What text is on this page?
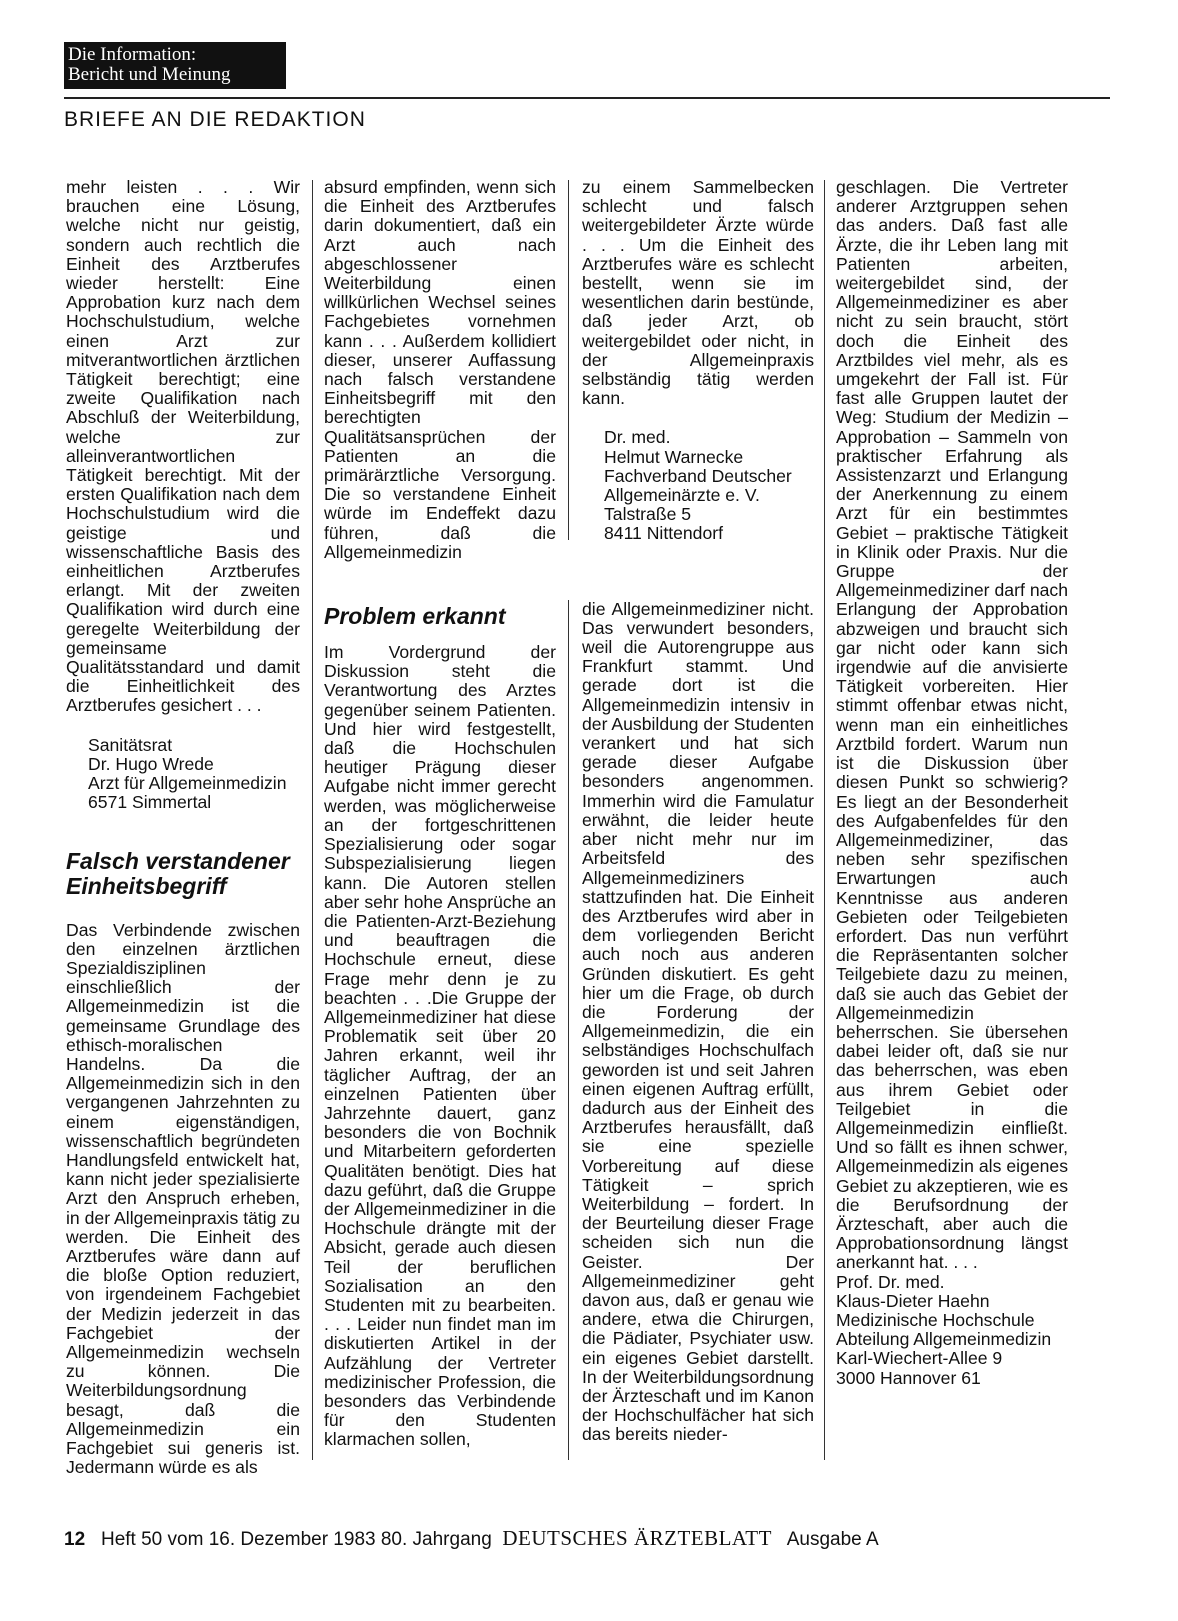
Die Information:
Bericht und Meinung
BRIEFE AN DIE REDAKTION

mehr leisten . . . Wir brauchen eine Lösung, welche nicht nur geistig, sondern auch rechtlich die Einheit des Arztberufes wieder herstellt: Eine Approbation kurz nach dem Hochschulstudium, welche einen Arzt zur mitverantwortlichen ärztlichen Tätigkeit berechtigt; eine zweite Qualifikation nach Abschluß der Weiterbildung, welche zur alleinverantwortlichen Tätigkeit berechtigt. Mit der ersten Qualifikation nach dem Hochschulstudium wird die geistige und wissenschaftliche Basis des einheitlichen Arztberufes erlangt. Mit der zweiten Qualifikation wird durch eine geregelte Weiterbildung der gemeinsame Qualitätsstandard und damit die Einheitlichkeit des Arztberufes gesichert . . .

Sanitätsrat

Dr. Hugo Wrede

Arzt für Allgemeinmedizin

6571 Simmertal

Falsch verstandener Einheitsbegriff

Das Verbindende zwischen den einzelnen ärztlichen Spezialdisziplinen einschließlich der Allgemeinmedizin ist die gemeinsame Grundlage des ethisch-moralischen Handelns. Da die Allgemeinmedizin sich in den vergangenen Jahrzehnten zu einem eigenständigen, wissenschaftlich begründeten Handlungsfeld entwickelt hat, kann nicht jeder spezialisierte Arzt den Anspruch erheben, in der Allgemeinpraxis tätig zu werden. Die Einheit des Arztberufes wäre dann auf die bloße Option reduziert, von irgendeinem Fachgebiet der Medizin jederzeit in das Fachgebiet der Allgemeinmedizin wechseln zu können. Die Weiterbildungsordnung besagt, daß die Allgemeinmedizin ein Fachgebiet sui generis ist. Jedermann würde es als

absurd empfinden, wenn sich die Einheit des Arztberufes darin dokumentiert, daß ein Arzt auch nach abgeschlossener Weiterbildung einen willkürlichen Wechsel seines Fachgebietes vornehmen kann . . . Außerdem kollidiert dieser, unserer Auffassung nach falsch verstandene Einheitsbegriff mit den berechtigten Qualitätsansprüchen der Patienten an die primärärztliche Versorgung. Die so verstandene Einheit würde im Endeffekt dazu führen, daß die Allgemeinmedizin

Problem erkannt

Im Vordergrund der Diskussion steht die Verantwortung des Arztes gegenüber seinem Patienten. Und hier wird festgestellt, daß die Hochschulen heutiger Prägung dieser Aufgabe nicht immer gerecht werden, was möglicherweise an der fortgeschrittenen Spezialisierung oder sogar Subspezialisierung liegen kann. Die Autoren stellen aber sehr hohe Ansprüche an die Patienten-Arzt-Beziehung und beauftragen die Hochschule erneut, diese Frage mehr denn je zu beachten . . .Die Gruppe der Allgemeinmediziner hat diese Problematik seit über 20 Jahren erkannt, weil ihr täglicher Auftrag, der an einzelnen Patienten über Jahrzehnte dauert, ganz besonders die von Bochnik und Mitarbeitern geforderten Qualitäten benötigt. Dies hat dazu geführt, daß die Gruppe der Allgemeinmediziner in die Hochschule drängte mit der Absicht, gerade auch diesen Teil der beruflichen Sozialisation an den Studenten mit zu bearbeiten. . . . Leider nun findet man im diskutierten Artikel in der Aufzählung der Vertreter medizinischer Profession, die besonders das Verbindende für den Studenten klarmachen sollen,

zu einem Sammelbecken schlecht und falsch weitergebildeter Ärzte würde . . . Um die Einheit des Arztberufes wäre es schlecht bestellt, wenn sie im wesentlichen darin bestünde, daß jeder Arzt, ob weitergebildet oder nicht, in der Allgemeinpraxis selbständig tätig werden kann.

Dr. med.

Helmut Warnecke

Fachverband Deutscher

Allgemeinärzte e. V.

Talstraße 5

8411 Nittendorf

die Allgemeinmediziner nicht. Das verwundert besonders, weil die Autorengruppe aus Frankfurt stammt. Und gerade dort ist die Allgemeinmedizin intensiv in der Ausbildung der Studenten verankert und hat sich gerade dieser Aufgabe besonders angenommen. Immerhin wird die Famulatur erwähnt, die leider heute aber nicht mehr nur im Arbeitsfeld des Allgemeinmediziners stattzufinden hat. Die Einheit des Arztberufes wird aber in dem vorliegenden Bericht auch noch aus anderen Gründen diskutiert. Es geht hier um die Frage, ob durch die Forderung der Allgemeinmedizin, die ein selbständiges Hochschulfach geworden ist und seit Jahren einen eigenen Auftrag erfüllt, dadurch aus der Einheit des Arztberufes herausfällt, daß sie eine spezielle Vorbereitung auf diese Tätigkeit – sprich Weiterbildung – fordert. In der Beurteilung dieser Frage scheiden sich nun die Geister. Der Allgemeinmediziner geht davon aus, daß er genau wie andere, etwa die Chirurgen, die Pädiater, Psychiater usw. ein eigenes Gebiet darstellt. In der Weiterbildungsordnung der Ärzteschaft und im Kanon der Hochschulfächer hat sich das bereits nieder-

geschlagen. Die Vertreter anderer Arztgruppen sehen das anders. Daß fast alle Ärzte, die ihr Leben lang mit Patienten arbeiten, weitergebildet sind, der Allgemeinmediziner es aber nicht zu sein braucht, stört doch die Einheit des Arztbildes viel mehr, als es umgekehrt der Fall ist. Für fast alle Gruppen lautet der Weg: Studium der Medizin – Approbation – Sammeln von praktischer Erfahrung als Assistenzarzt und Erlangung der Anerkennung zu einem Arzt für ein bestimmtes Gebiet – praktische Tätigkeit in Klinik oder Praxis. Nur die Gruppe der Allgemeinmediziner darf nach Erlangung der Approbation abzweigen und braucht sich gar nicht oder kann sich irgendwie auf die anvisierte Tätigkeit vorbereiten. Hier stimmt offenbar etwas nicht, wenn man ein einheitliches Arztbild fordert. Warum nun ist die Diskussion über diesen Punkt so schwierig? Es liegt an der Besonderheit des Aufgabenfeldes für den Allgemeinmediziner, das neben sehr spezifischen Erwartungen auch Kenntnisse aus anderen Gebieten oder Teilgebieten erfordert. Das nun verführt die Repräsentanten solcher Teilgebiete dazu zu meinen, daß sie auch das Gebiet der Allgemeinmedizin beherrschen. Sie übersehen dabei leider oft, daß sie nur das beherrschen, was eben aus ihrem Gebiet oder Teilgebiet in die Allgemeinmedizin einfließt. Und so fällt es ihnen schwer, Allgemeinmedizin als eigenes Gebiet zu akzeptieren, wie es die Berufsordnung der Ärzteschaft, aber auch die Approbationsordnung längst anerkannt hat. . . .

Prof. Dr. med.

Klaus-Dieter Haehn

Medizinische Hochschule

Abteilung Allgemeinmedizin

Karl-Wiechert-Allee 9

3000 Hannover 61

12 Heft 50 vom 16. Dezember 1983 80. Jahrgang DEUTSCHES ÄRZTEBLATT Ausgabe A
